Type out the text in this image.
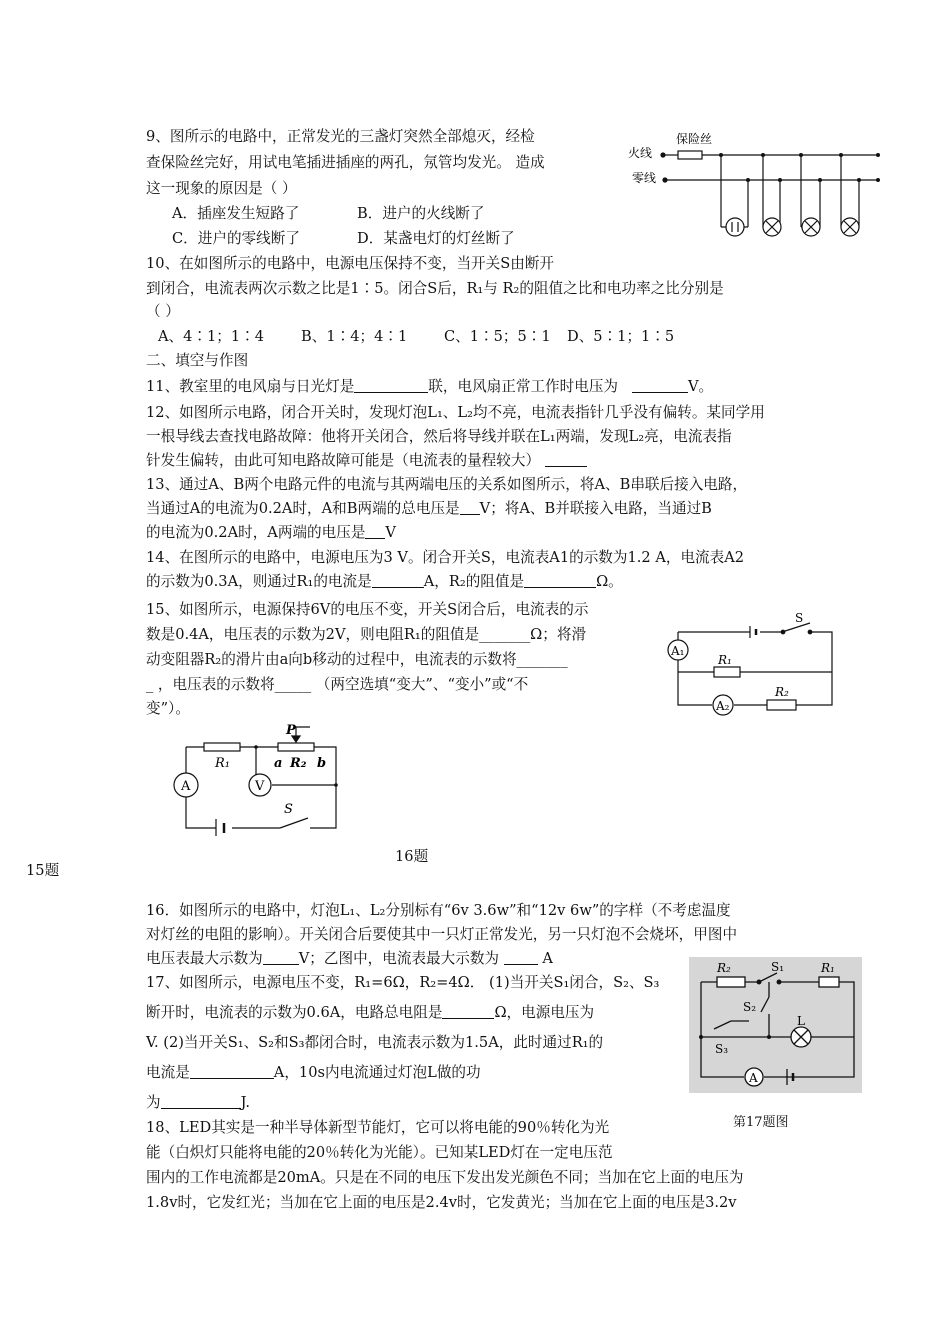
9、图所示的电路中，正常发光的三盏灯突然全部熄灭，经检
查保险丝完好，用试电笔插进插座的两孔，氖管均发光。 造成
这一现象的原因是（ ）
A．插座发生短路了	B．进户的火线断了
C．进户的零线断了	D．某盏电灯的灯丝断了
火线
零线
保险丝
10、在如图所示的电路中，电源电压保持不变，当开关S由断开
到闭合，电流表两次示数之比是1∶5。闭合S后，R₁与 R₂的阻值之比和电功率之比分别是
（ ）
A、4∶1；1∶4	B、1∶4；4∶1	C、1∶5；5∶1 D、5∶1；1∶5
二、填空与作图
11、教室里的电风扇与日光灯是	联，电风扇正常工作时电压为	V。
12、如图所示电路，闭合开关时，发现灯泡L₁、L₂均不亮，电流表指针几乎没有偏转。某同学用
一根导线去查找电路故障：他将开关闭合，然后将导线并联在L₁两端，发现L₂亮，电流表指
针发生偏转，由此可知电路故障可能是（电流表的量程较大）
13、通过A、B两个电路元件的电流与其两端电压的关系如图所示，将A、B串联后接入电路，
当通过A的电流为0.2A时，A和B两端的总电压是 V；将A、B并联接入电路，当通过B
的电流为0.2A时，A两端的电压是 V
14、在图所示的电路中，电源电压为3 V。闭合开关S，电流表A1的示数为1.2 A，电流表A2
的示数为0.3A，则通过R₁的电流是	A，R₂的阻值是	Ω。
15、如图所示，电源保持6V的电压不变，开关S闭合后，电流表的示
数是0.4A，电压表的示数为2V，则电阻R₁的阻值是_______Ω；将滑
动变阻器R₂的滑片由a向b移动的过程中，电流表的示数将_______
_ ，电压表的示数将_____ （两空选填“变大”、“变小”或“不
变”）。
S
A₁
R₁
A₂
R₂
P
R₁	a R₂ b
A	V
S
16题
15题
16．如图所示的电路中，灯泡L₁、L₂分别标有“6v 3.6w”和“12v 6w”的字样（不考虑温度
对灯丝的电阻的影响）。开关闭合后要使其中一只灯正常发光，另一只灯泡不会烧坏，甲图中
电压表最大示数为 V；乙图中，电流表最大示数为	A
17、如图所示，电源电压不变，R₁=6Ω，R₂=4Ω． (1)当开关S₁闭合，S₂、S₃
断开时，电流表的示数为0.6A，电路总电阻是	Ω，电源电压为
V. (2)当开关S₁、S₂和S₃都闭合时，电流表示数为1.5A，此时通过R₁的
电流是	A，10s内电流通过灯泡L做的功
为	J.
R₂	S₁	R₁
S₂
L
S₃
A
第17题图
18、LED其实是一种半导体新型节能灯，它可以将电能的90％转化为光
能（白炽灯只能将电能的20％转化为光能）。已知某LED灯在一定电压范
围内的工作电流都是20mA。只是在不同的电压下发出发光颜色不同；当加在它上面的电压为
1.8v时，它发红光；当加在它上面的电压是2.4v时，它发黄光；当加在它上面的电压是3.2v
